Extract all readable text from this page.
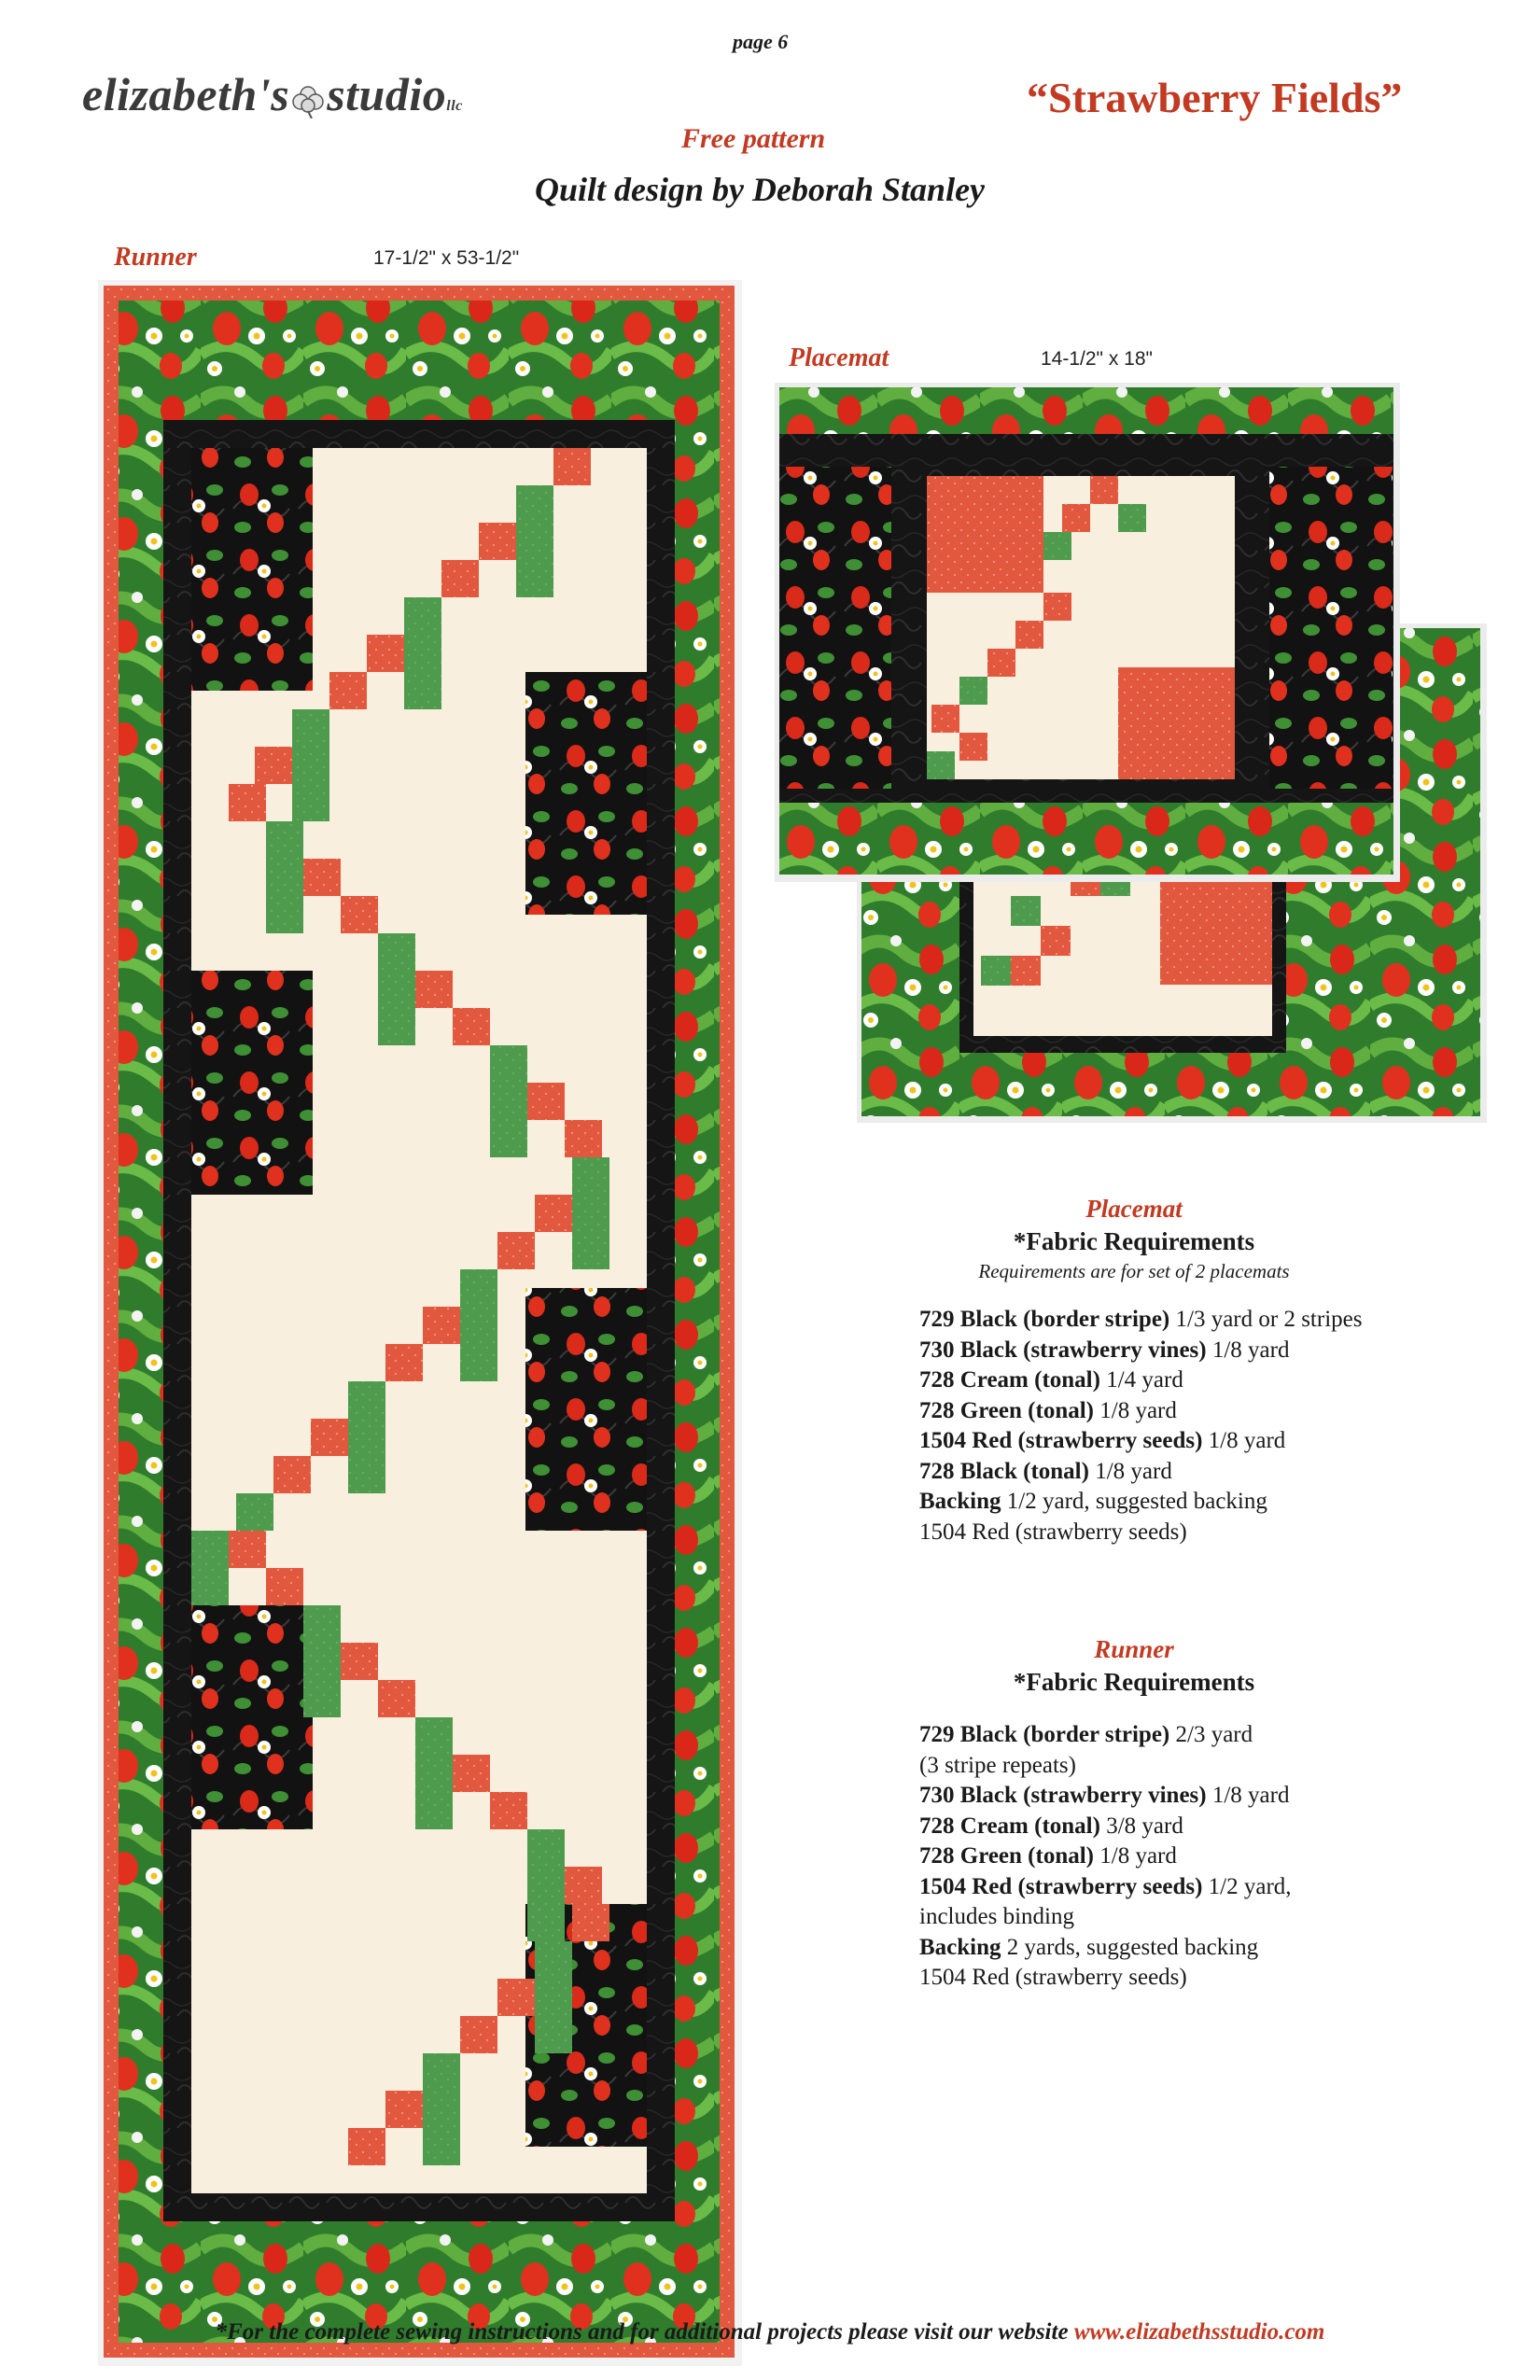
page 6
elizabeth's studiollc	“Strawberry Fields”
Free pattern
Quilt design by Deborah Stanley
Runner	17-1/2" x 53-1/2"
Placemat	14-1/2" x 18"
Placemat
*Fabric Requirements
Requirements are for set of 2 placemats
729 Black (border stripe) 1/3 yard or 2 stripes
730 Black (strawberry vines) 1/8 yard
728 Cream (tonal) 1/4 yard
728 Green (tonal) 1/8 yard
1504 Red (strawberry seeds) 1/8 yard
728 Black (tonal) 1/8 yard
Backing 1/2 yard, suggested backing
1504 Red (strawberry seeds)
Runner
*Fabric Requirements
729 Black (border stripe) 2/3 yard
(3 stripe repeats)
730 Black (strawberry vines) 1/8 yard
728 Cream (tonal) 3/8 yard
728 Green (tonal) 1/8 yard
1504 Red (strawberry seeds) 1/2 yard,
includes binding
Backing 2 yards, suggested backing
1504 Red (strawberry seeds)
*For the complete sewing instructions and for additional projects please visit our website www.elizabethsstudio.com
